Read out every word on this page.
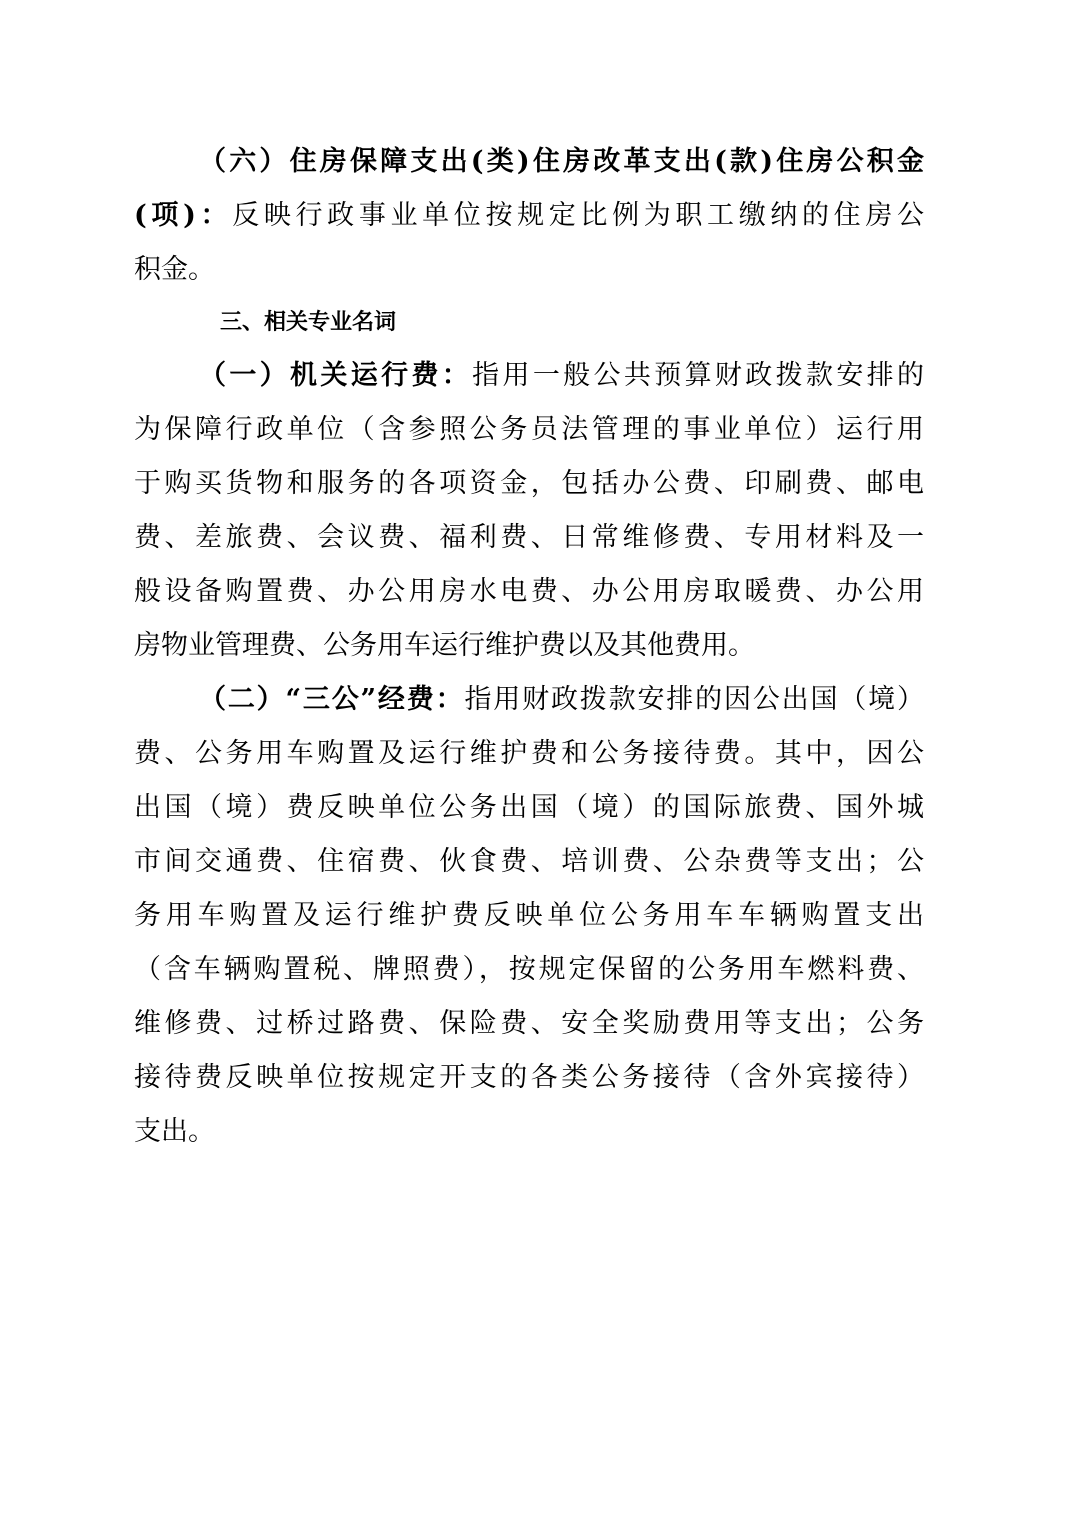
（六）住房保障支出(类)住房改革支出(款)住房公积金
(项)：反映行政事业单位按规定比例为职工缴纳的住房公
积金。
三、相关专业名词
（一）机关运行费：指用一般公共预算财政拨款安排的
为保障行政单位（含参照公务员法管理的事业单位）运行用
于购买货物和服务的各项资金，包括办公费、印刷费、邮电
费、差旅费、会议费、福利费、日常维修费、专用材料及一
般设备购置费、办公用房水电费、办公用房取暖费、办公用
房物业管理费、公务用车运行维护费以及其他费用。
（二）“三公”经费：指用财政拨款安排的因公出国（境）
费、公务用车购置及运行维护费和公务接待费。其中，因公
出国（境）费反映单位公务出国（境）的国际旅费、国外城
市间交通费、住宿费、伙食费、培训费、公杂费等支出；公
务用车购置及运行维护费反映单位公务用车车辆购置支出
（含车辆购置税、牌照费），按规定保留的公务用车燃料费、
维修费、过桥过路费、保险费、安全奖励费用等支出；公务
接待费反映单位按规定开支的各类公务接待（含外宾接待）
支出。
